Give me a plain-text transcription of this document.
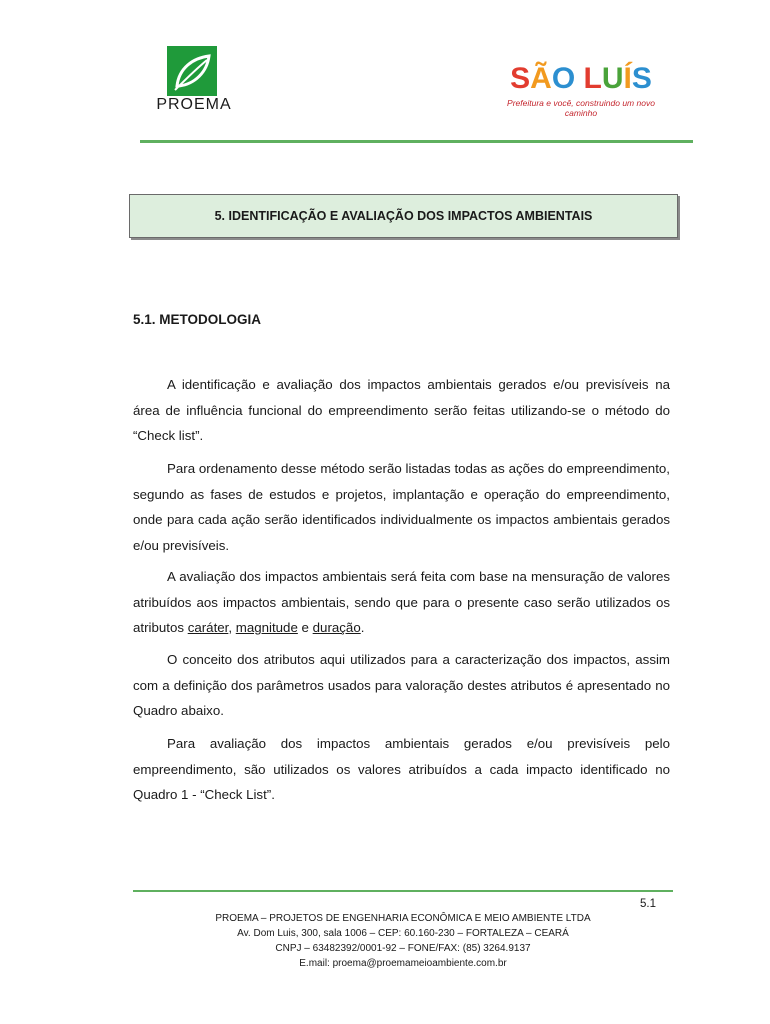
PROEMA
SÃO LUÍS
Prefeitura e você, construindo um novo caminho
5. IDENTIFICAÇÃO E AVALIAÇÃO DOS IMPACTOS AMBIENTAIS
5.1. METODOLOGIA

A identificação e avaliação dos impactos ambientais gerados e/ou previsíveis na área de influência funcional do empreendimento serão feitas utilizando-se o método do “Check list”.

Para ordenamento desse método serão listadas todas as ações do empreendimento, segundo as fases de estudos e projetos, implantação e operação do empreendimento, onde para cada ação serão identificados individualmente os impactos ambientais gerados e/ou previsíveis.

A avaliação dos impactos ambientais será feita com base na mensuração de valores atribuídos aos impactos ambientais, sendo que para o presente caso serão utilizados os atributos caráter, magnitude e duração.

O conceito dos atributos aqui utilizados para a caracterização dos impactos, assim com a definição dos parâmetros usados para valoração destes atributos é apresentado no Quadro abaixo.

Para avaliação dos impactos ambientais gerados e/ou previsíveis pelo empreendimento, são utilizados os valores atribuídos a cada impacto identificado no Quadro 1 - “Check List”.

5.1
PROEMA – PROJETOS DE ENGENHARIA ECONÔMICA E MEIO AMBIENTE LTDA
Av. Dom Luis, 300, sala 1006 – CEP: 60.160-230 – FORTALEZA – CEARÁ
CNPJ – 63482392/0001-92 – FONE/FAX: (85) 3264.9137
E.mail: proema@proemameioambiente.com.br
